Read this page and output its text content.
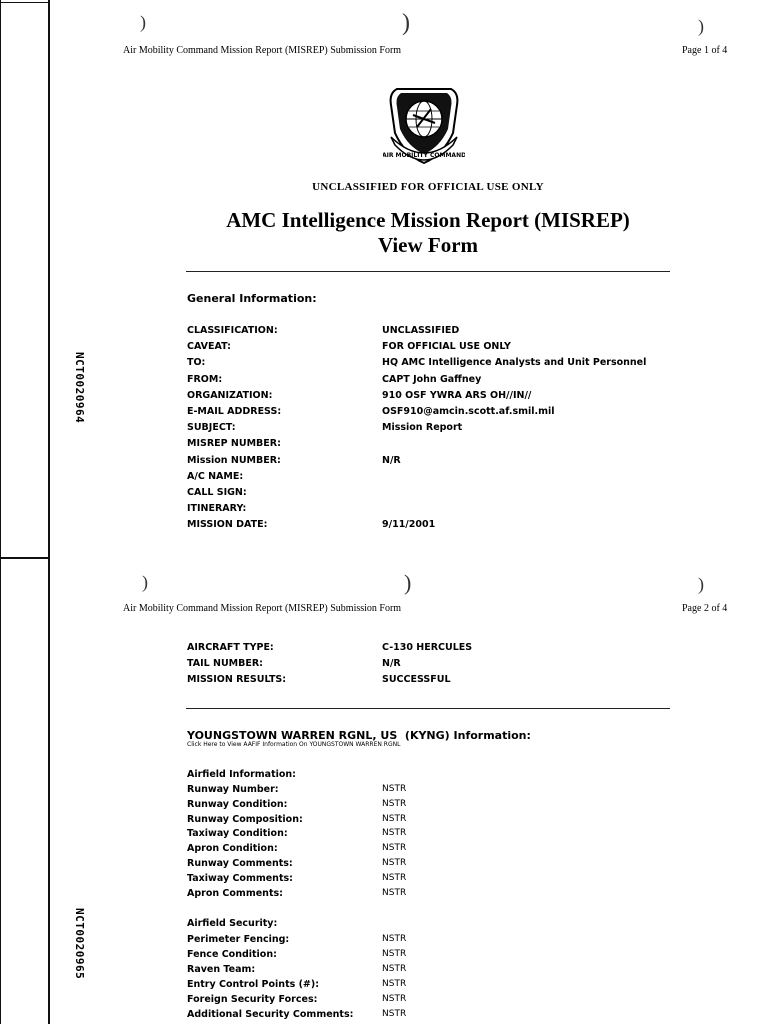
)	)	)
Air Mobility Command Mission Report (MISREP) Submission Form	Page 1 of 4
AIR MOBILITY COMMAND
UNCLASSIFIED FOR OFFICIAL USE ONLY
AMC Intelligence Mission Report (MISREP)
View Form
General Information:
CLASSIFICATION:	UNCLASSIFIED
CAVEAT:	FOR OFFICIAL USE ONLY
TO:	HQ AMC Intelligence Analysts and Unit Personnel
FROM:	CAPT John Gaffney
ORGANIZATION:	910 OSF YWRA ARS OH//IN//
E-MAIL ADDRESS:	OSF910@amcin.scott.af.smil.mil
SUBJECT:	Mission Report
MISREP NUMBER:
Mission NUMBER:	N/R
A/C NAME:
CALL SIGN:
ITINERARY:
MISSION DATE:	9/11/2001
NCT0020964
)	)	)
Air Mobility Command Mission Report (MISREP) Submission Form	Page 2 of 4
AIRCRAFT TYPE:	C-130 HERCULES
TAIL NUMBER:	N/R
MISSION RESULTS:	SUCCESSFUL
YOUNGSTOWN WARREN RGNL, US  (KYNG) Information:
Click Here to View AAFIF Information On YOUNGSTOWN WARREN RGNL
Airfield Information:
Runway Number:	NSTR
Runway Condition:	NSTR
Runway Composition:	NSTR
Taxiway Condition:	NSTR
Apron Condition:	NSTR
Runway Comments:	NSTR
Taxiway Comments:	NSTR
Apron Comments:	NSTR
Airfield Security:
Perimeter Fencing:	NSTR
Fence Condition:	NSTR
Raven Team:	NSTR
Entry Control Points (#):	NSTR
Foreign Security Forces:	NSTR
Additional Security Comments:	NSTR
NCT0020965
